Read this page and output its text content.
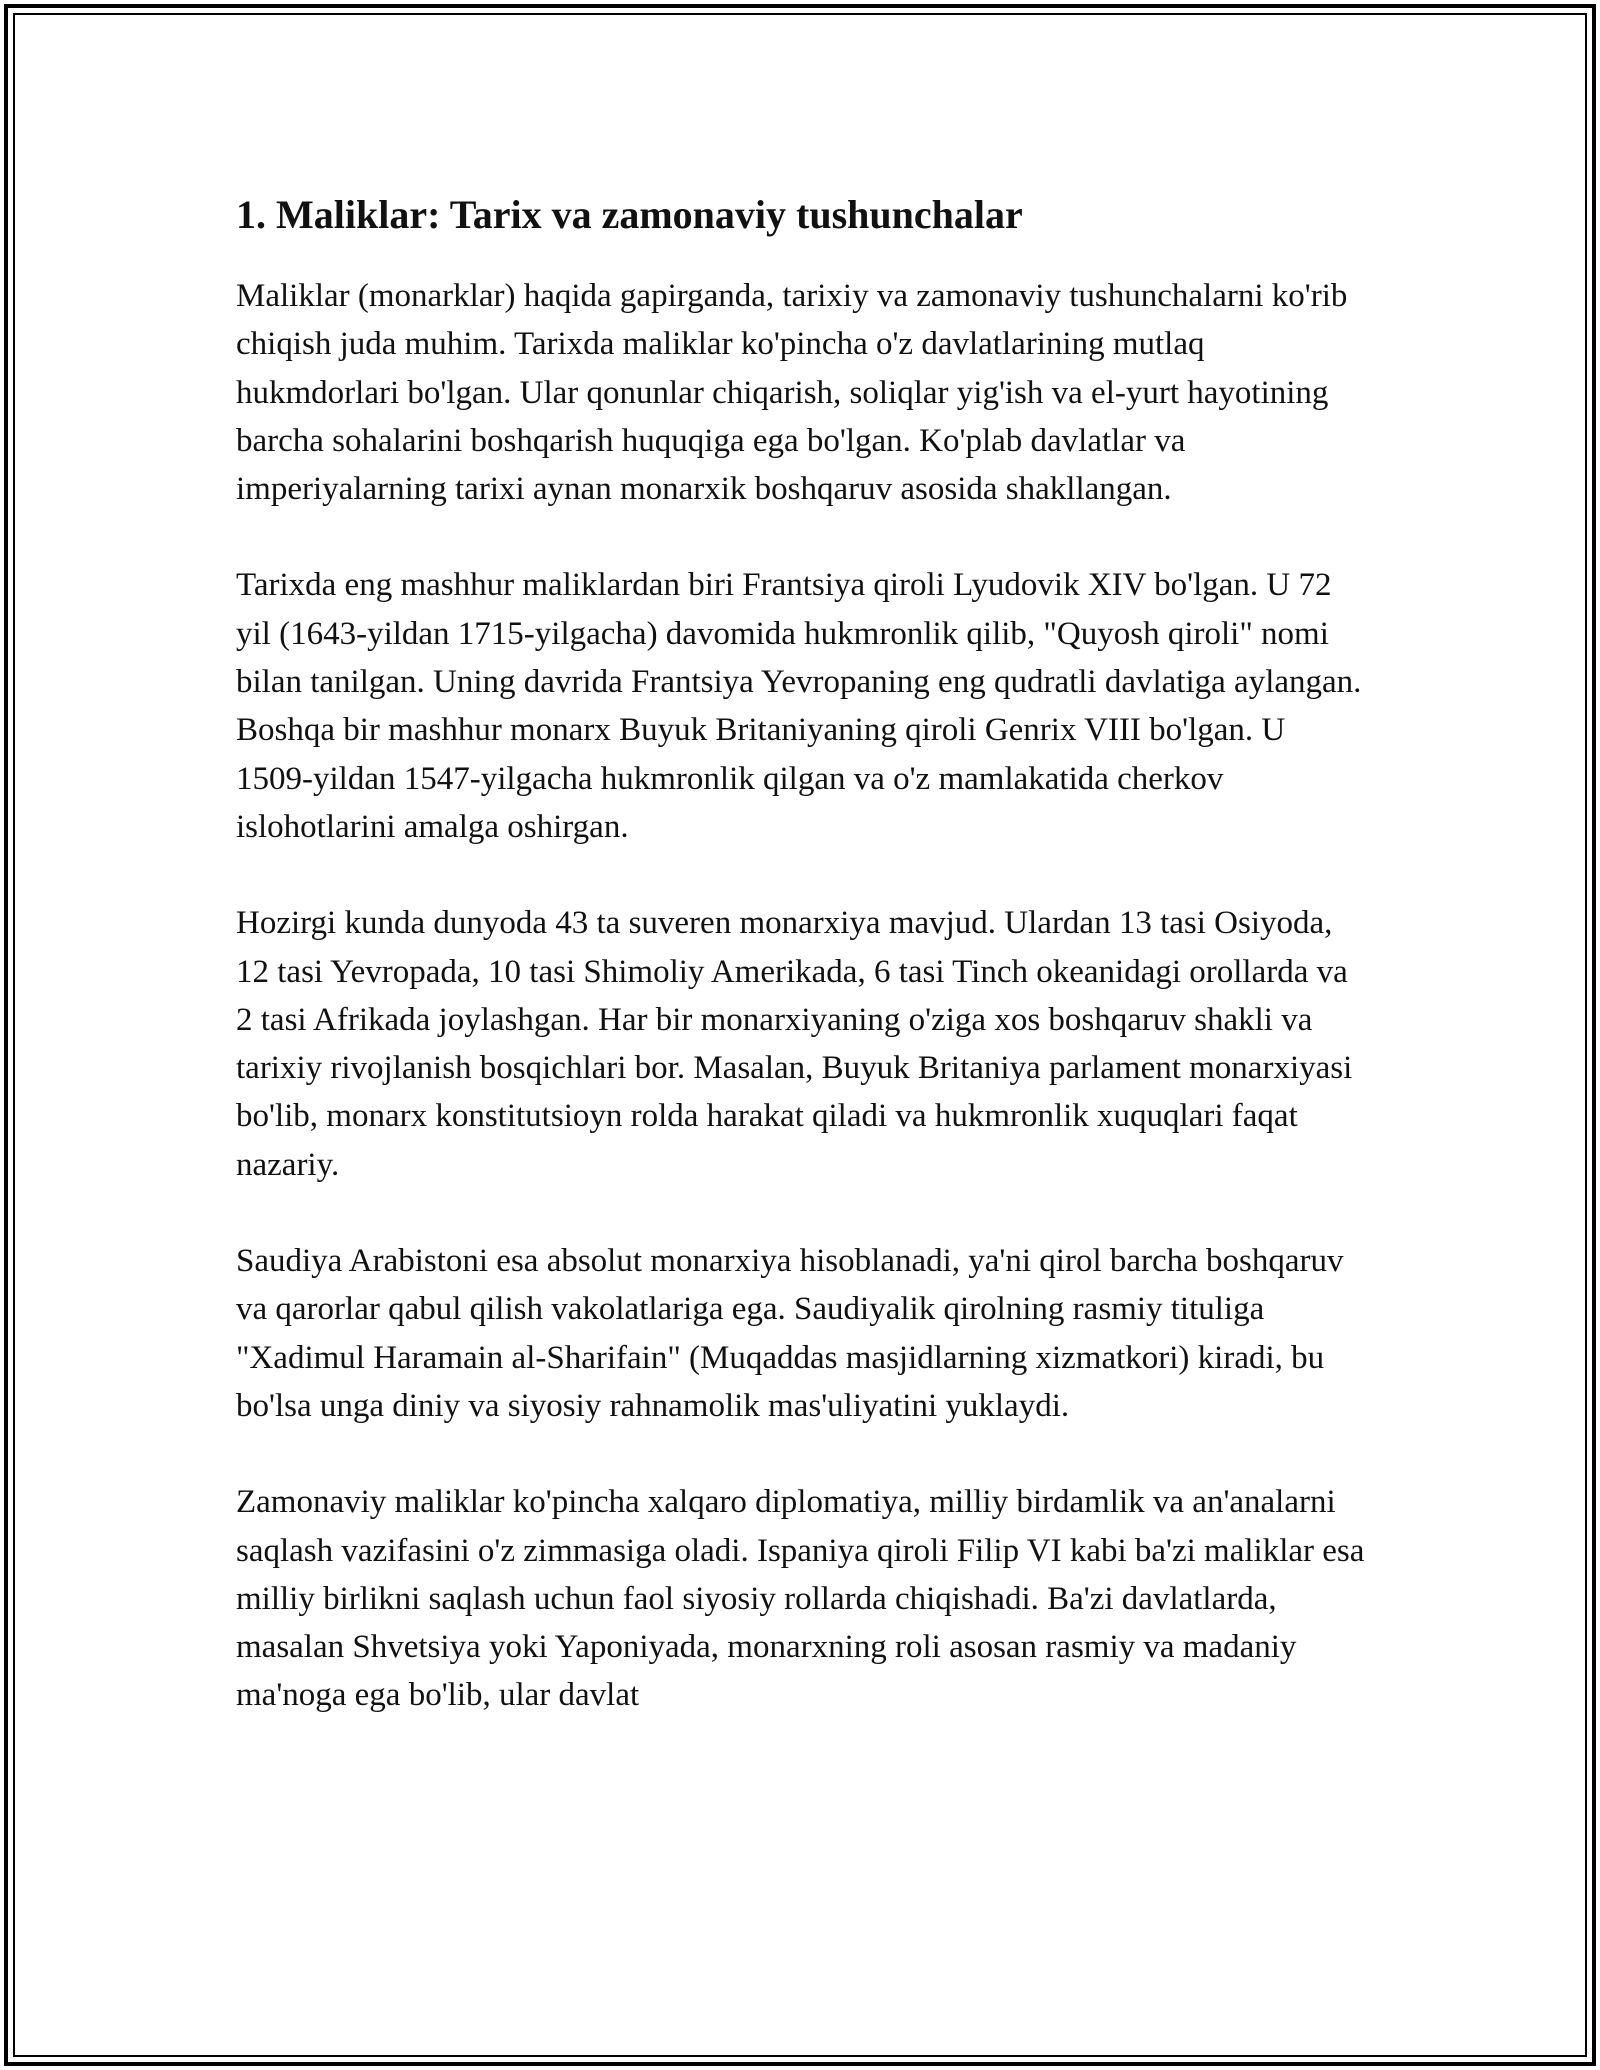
1. Maliklar: Tarix va zamonaviy tushunchalar

Maliklar (monarklar) haqida gapirganda, tarixiy va zamonaviy tushunchalarni ko'rib chiqish juda muhim. Tarixda maliklar ko'pincha o'z davlatlarining mutlaq hukmdorlari bo'lgan. Ular qonunlar chiqarish, soliqlar yig'ish va el-yurt hayotining barcha sohalarini boshqarish huquqiga ega bo'lgan. Ko'plab davlatlar va imperiyalarning tarixi aynan monarxik boshqaruv asosida shakllangan.

Tarixda eng mashhur maliklardan biri Frantsiya qiroli Lyudovik XIV bo'lgan. U 72 yil (1643-yildan 1715-yilgacha) davomida hukmronlik qilib, "Quyosh qiroli" nomi bilan tanilgan. Uning davrida Frantsiya Yevropaning eng qudratli davlatiga aylangan. Boshqa bir mashhur monarx Buyuk Britaniyaning qiroli Genrix VIII bo'lgan. U 1509-yildan 1547-yilgacha hukmronlik qilgan va o'z mamlakatida cherkov islohotlarini amalga oshirgan.

Hozirgi kunda dunyoda 43 ta suveren monarxiya mavjud. Ulardan 13 tasi Osiyoda, 12 tasi Yevropada, 10 tasi Shimoliy Amerikada, 6 tasi Tinch okeanidagi orollarda va 2 tasi Afrikada joylashgan. Har bir monarxiyaning o'ziga xos boshqaruv shakli va tarixiy rivojlanish bosqichlari bor. Masalan, Buyuk Britaniya parlament monarxiyasi bo'lib, monarx konstitutsioyn rolda harakat qiladi va hukmronlik xuquqlari faqat nazariy.

Saudiya Arabistoni esa absolut monarxiya hisoblanadi, ya'ni qirol barcha boshqaruv va qarorlar qabul qilish vakolatlariga ega. Saudiyalik qirolning rasmiy tituliga "Xadimul Haramain al-Sharifain" (Muqaddas masjidlarning xizmatkori) kiradi, bu bo'lsa unga diniy va siyosiy rahnamolik mas'uliyatini yuklaydi.

Zamonaviy maliklar ko'pincha xalqaro diplomatiya, milliy birdamlik va an'analarni saqlash vazifasini o'z zimmasiga oladi. Ispaniya qiroli Filip VI kabi ba'zi maliklar esa milliy birlikni saqlash uchun faol siyosiy rollarda chiqishadi. Ba'zi davlatlarda, masalan Shvetsiya yoki Yaponiyada, monarxning roli asosan rasmiy va madaniy ma'noga ega bo'lib, ular davlat
